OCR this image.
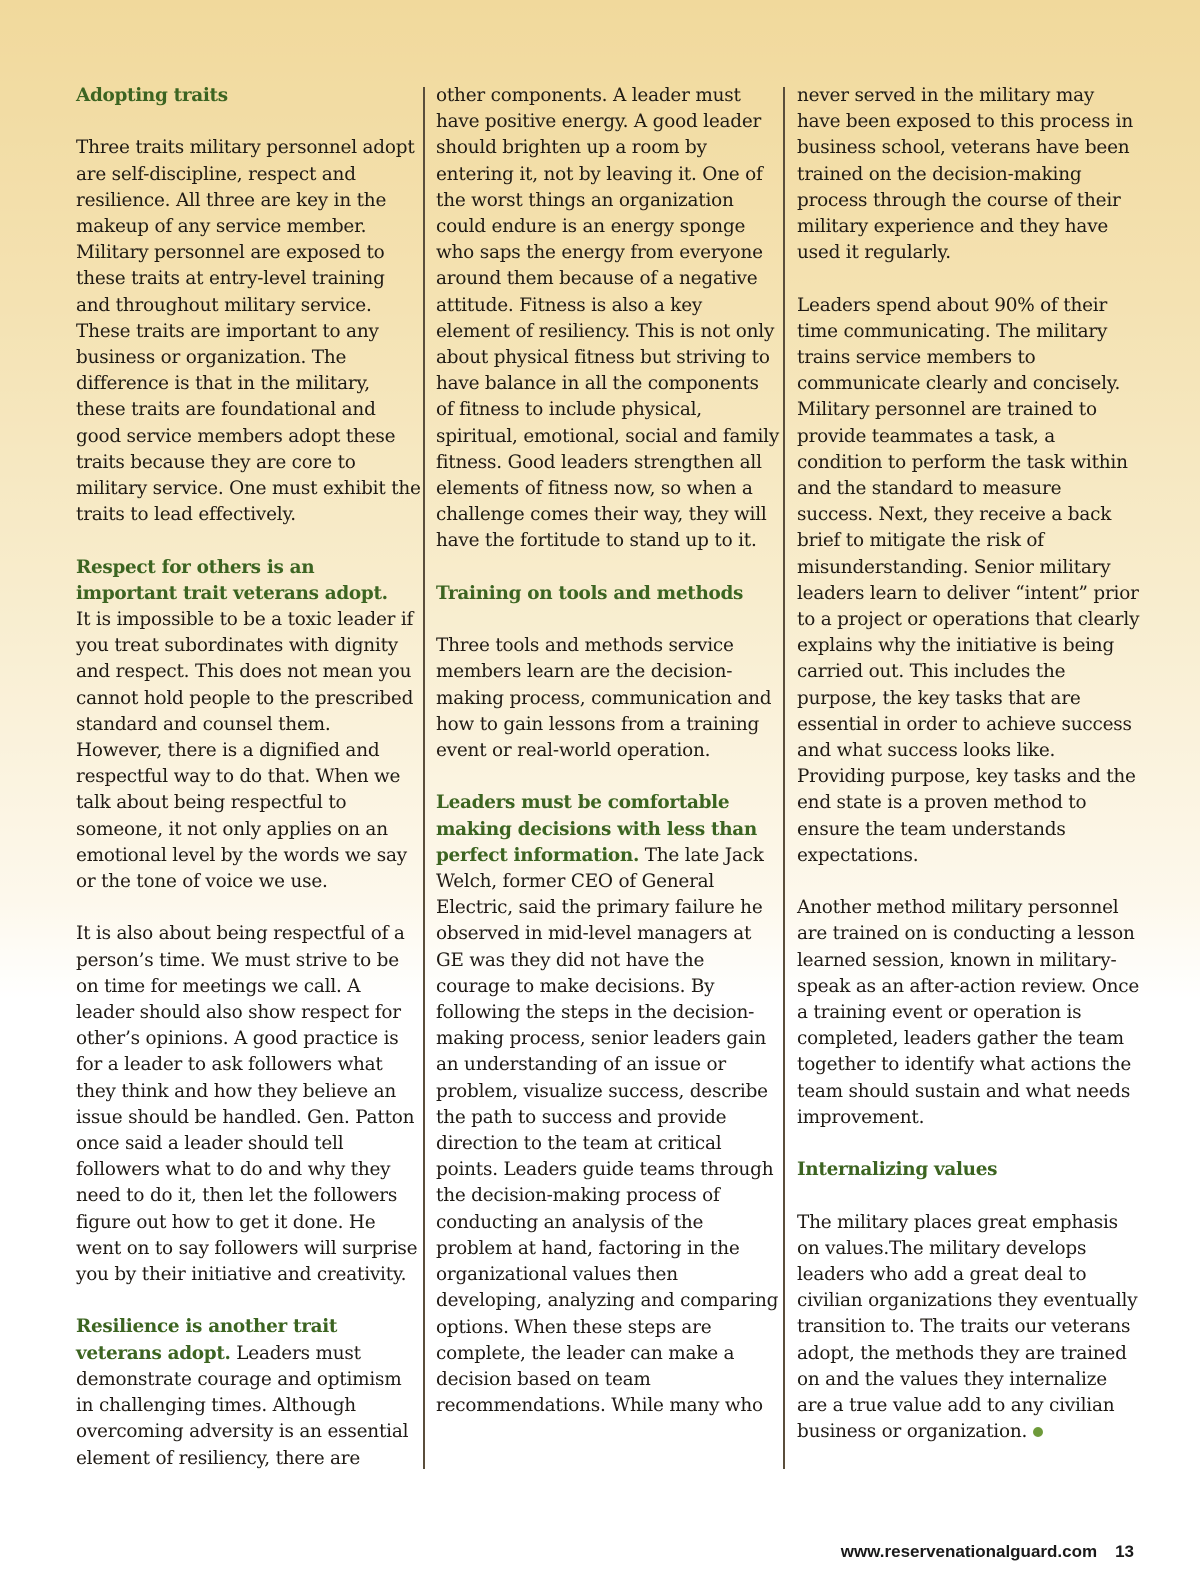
Adopting traits

Three traits military personnel adopt are self-discipline, respect and resilience. All three are key in the makeup of any service member. Military personnel are exposed to these traits at entry-level training and throughout military service. These traits are important to any business or organization. The difference is that in the military, these traits are foundational and good service members adopt these traits because they are core to military service. One must exhibit the traits to lead effectively.

Respect for others is an important trait veterans adopt.
It is impossible to be a toxic leader if you treat subordinates with dignity and respect. This does not mean you cannot hold people to the prescribed standard and counsel them. However, there is a dignified and respectful way to do that. When we talk about being respectful to someone, it not only applies on an emotional level by the words we say or the tone of voice we use.

It is also about being respectful of a person’s time. We must strive to be on time for meetings we call. A leader should also show respect for other’s opinions. A good practice is for a leader to ask followers what they think and how they believe an issue should be handled. Gen. Patton once said a leader should tell followers what to do and why they need to do it, then let the followers figure out how to get it done. He went on to say followers will surprise you by their initiative and creativity.

Resilience is another trait veterans adopt. Leaders must demonstrate courage and optimism in challenging times. Although overcoming adversity is an essential element of resiliency, there are

other components. A leader must have positive energy. A good leader should brighten up a room by entering it, not by leaving it. One of the worst things an organization could endure is an energy sponge who saps the energy from everyone around them because of a negative attitude. Fitness is also a key element of resiliency. This is not only about physical fitness but striving to have balance in all the components of fitness to include physical, spiritual, emotional, social and family fitness. Good leaders strengthen all elements of fitness now, so when a challenge comes their way, they will have the fortitude to stand up to it.

Training on tools and methods

Three tools and methods service members learn are the decision-making process, communication and how to gain lessons from a training event or real-world operation.

Leaders must be comfortable making decisions with less than perfect information. The late Jack Welch, former CEO of General Electric, said the primary failure he observed in mid-level managers at GE was they did not have the courage to make decisions. By following the steps in the decision-making process, senior leaders gain an understanding of an issue or problem, visualize success, describe the path to success and provide direction to the team at critical points. Leaders guide teams through the decision-making process of conducting an analysis of the problem at hand, factoring in the organizational values then developing, analyzing and comparing options. When these steps are complete, the leader can make a decision based on team recommendations. While many who

never served in the military may have been exposed to this process in business school, veterans have been trained on the decision-making process through the course of their military experience and they have used it regularly.

Leaders spend about 90% of their time communicating. The military trains service members to communicate clearly and concisely. Military personnel are trained to provide teammates a task, a condition to perform the task within and the standard to measure success. Next, they receive a back brief to mitigate the risk of misunderstanding. Senior military leaders learn to deliver “intent” prior to a project or operations that clearly explains why the initiative is being carried out. This includes the purpose, the key tasks that are essential in order to achieve success and what success looks like. Providing purpose, key tasks and the end state is a proven method to ensure the team understands expectations.

Another method military personnel are trained on is conducting a lesson learned session, known in military-speak as an after-action review. Once a training event or operation is completed, leaders gather the team together to identify what actions the team should sustain and what needs improvement.

Internalizing values

The military places great emphasis on values.The military develops leaders who add a great deal to civilian organizations they eventually transition to. The traits our veterans adopt, the methods they are trained on and the values they internalize are a true value add to any civilian business or organization.

www.reservenationalguard.com 13
